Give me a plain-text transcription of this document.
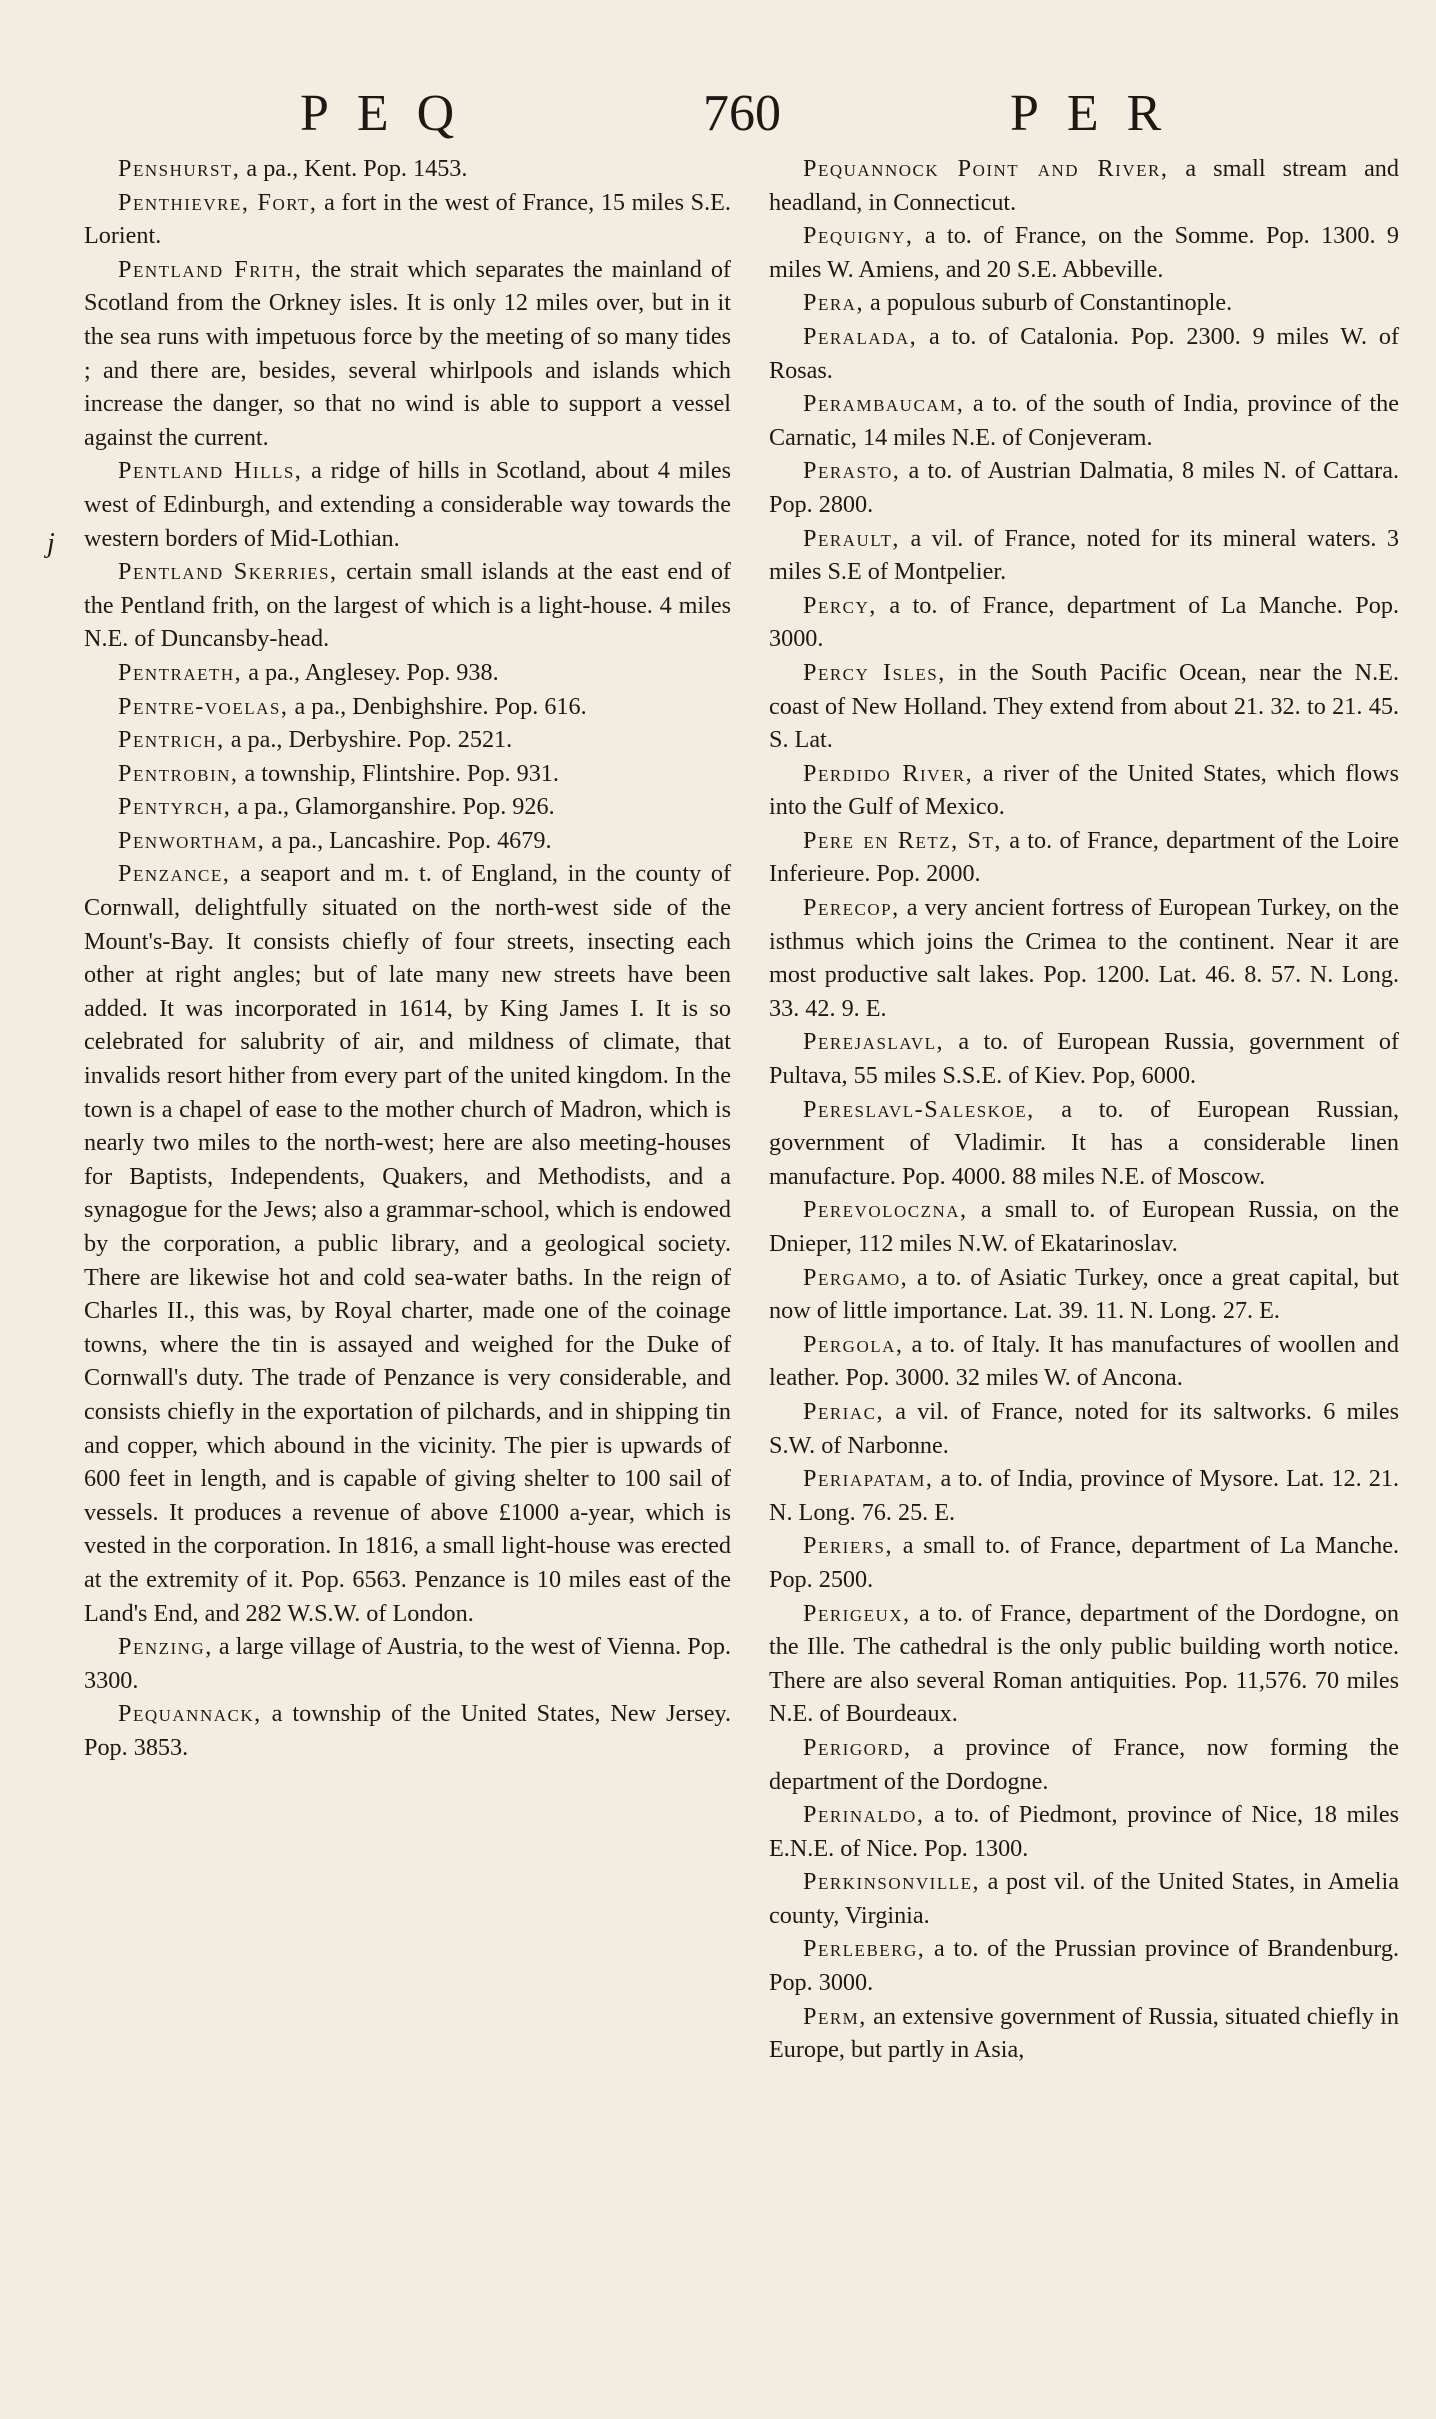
PEQ	760	PER
j

Penshurst, a pa., Kent. Pop. 1453.

Penthievre, Fort, a fort in the west of France, 15 miles S.E. Lorient.

Pentland Frith, the strait which separates the mainland of Scotland from the Orkney isles. It is only 12 miles over, but in it the sea runs with impetuous force by the meeting of so many tides ; and there are, besides, several whirlpools and islands which increase the danger, so that no wind is able to support a vessel against the current.

Pentland Hills, a ridge of hills in Scotland, about 4 miles west of Edinburgh, and extending a considerable way towards the western borders of Mid-Lothian.

Pentland Skerries, certain small islands at the east end of the Pentland frith, on the largest of which is a light-house. 4 miles N.E. of Duncansby-head.

Pentraeth, a pa., Anglesey. Pop. 938.

Pentre-voelas, a pa., Denbighshire. Pop. 616.

Pentrich, a pa., Derbyshire. Pop. 2521.

Pentrobin, a township, Flintshire. Pop. 931.

Pentyrch, a pa., Glamorganshire. Pop. 926.

Penwortham, a pa., Lancashire. Pop. 4679.

Penzance, a seaport and m. t. of England, in the county of Cornwall, delightfully situated on the north-west side of the Mount's-Bay. It consists chiefly of four streets, insecting each other at right angles; but of late many new streets have been added. It was incorporated in 1614, by King James I. It is so celebrated for salubrity of air, and mildness of climate, that invalids resort hither from every part of the united kingdom. In the town is a chapel of ease to the mother church of Madron, which is nearly two miles to the north-west; here are also meeting-houses for Baptists, Independents, Quakers, and Methodists, and a synagogue for the Jews; also a grammar-school, which is endowed by the corporation, a public library, and a geological society. There are likewise hot and cold sea-water baths. In the reign of Charles II., this was, by Royal charter, made one of the coinage towns, where the tin is assayed and weighed for the Duke of Cornwall's duty. The trade of Penzance is very considerable, and consists chiefly in the exportation of pilchards, and in shipping tin and copper, which abound in the vicinity. The pier is upwards of 600 feet in length, and is capable of giving shelter to 100 sail of vessels. It produces a revenue of above £1000 a-year, which is vested in the corporation. In 1816, a small light-house was erected at the extremity of it. Pop. 6563. Penzance is 10 miles east of the Land's End, and 282 W.S.W. of London.

Penzing, a large village of Austria, to the west of Vienna. Pop. 3300.

Pequannack, a township of the United States, New Jersey. Pop. 3853.

Pequannock Point and River, a small stream and headland, in Connecticut.

Pequigny, a to. of France, on the Somme. Pop. 1300. 9 miles W. Amiens, and 20 S.E. Abbeville.

Pera, a populous suburb of Constantinople.

Peralada, a to. of Catalonia. Pop. 2300. 9 miles W. of Rosas.

Perambaucam, a to. of the south of India, province of the Carnatic, 14 miles N.E. of Conjeveram.

Perasto, a to. of Austrian Dalmatia, 8 miles N. of Cattara. Pop. 2800.

Perault, a vil. of France, noted for its mineral waters. 3 miles S.E of Montpelier.

Percy, a to. of France, department of La Manche. Pop. 3000.

Percy Isles, in the South Pacific Ocean, near the N.E. coast of New Holland. They extend from about 21. 32. to 21. 45. S. Lat.

Perdido River, a river of the United States, which flows into the Gulf of Mexico.

Pere en Retz, St, a to. of France, department of the Loire Inferieure. Pop. 2000.

Perecop, a very ancient fortress of European Turkey, on the isthmus which joins the Crimea to the continent. Near it are most productive salt lakes. Pop. 1200. Lat. 46. 8. 57. N. Long. 33. 42. 9. E.

Perejaslavl, a to. of European Russia, government of Pultava, 55 miles S.S.E. of Kiev. Pop, 6000.

Pereslavl-Saleskoe, a to. of European Russian, government of Vladimir. It has a considerable linen manufacture. Pop. 4000. 88 miles N.E. of Moscow.

Perevoloczna, a small to. of European Russia, on the Dnieper, 112 miles N.W. of Ekatarinoslav.

Pergamo, a to. of Asiatic Turkey, once a great capital, but now of little importance. Lat. 39. 11. N. Long. 27. E.

Pergola, a to. of Italy. It has manufactures of woollen and leather. Pop. 3000. 32 miles W. of Ancona.

Periac, a vil. of France, noted for its saltworks. 6 miles S.W. of Narbonne.

Periapatam, a to. of India, province of Mysore. Lat. 12. 21. N. Long. 76. 25. E.

Periers, a small to. of France, department of La Manche. Pop. 2500.

Perigeux, a to. of France, department of the Dordogne, on the Ille. The cathedral is the only public building worth notice. There are also several Roman antiquities. Pop. 11,576. 70 miles N.E. of Bourdeaux.

Perigord, a province of France, now forming the department of the Dordogne.

Perinaldo, a to. of Piedmont, province of Nice, 18 miles E.N.E. of Nice. Pop. 1300.

Perkinsonville, a post vil. of the United States, in Amelia county, Virginia.

Perleberg, a to. of the Prussian province of Brandenburg. Pop. 3000.

Perm, an extensive government of Russia, situated chiefly in Europe, but partly in Asia,
